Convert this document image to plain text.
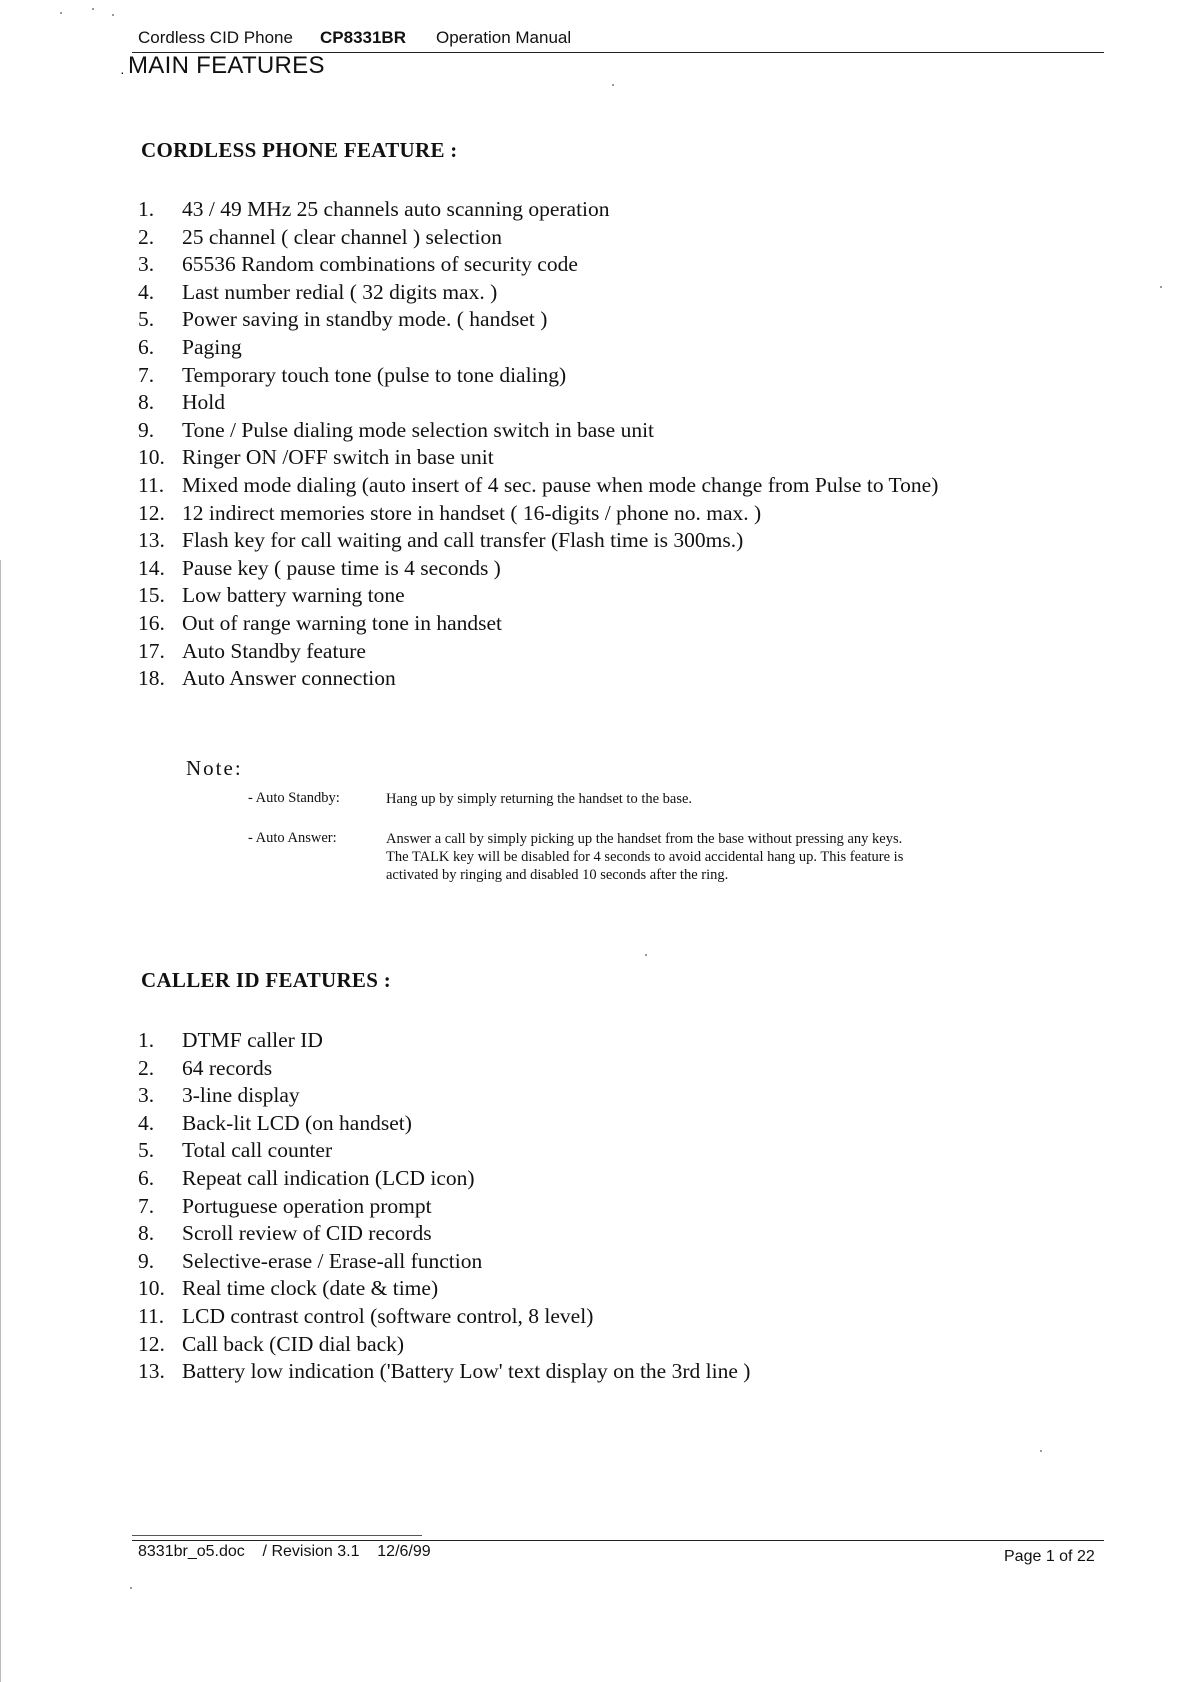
Cordless CID Phone CP8331BR Operation Manual
· MAIN FEATURES
CORDLESS PHONE FEATURE :
1.	43 / 49 MHz 25 channels auto scanning operation
2.	25 channel ( clear channel ) selection
3.	65536 Random combinations of security code
4.	Last number redial ( 32 digits max. )
5.	Power saving in standby mode. ( handset )
6.	Paging
7.	Temporary touch tone (pulse to tone dialing)
8.	Hold
9.	Tone / Pulse dialing mode selection switch in base unit
10. Ringer ON /OFF switch in base unit
11. Mixed mode dialing (auto insert of 4 sec. pause when mode change from Pulse to Tone)
12. 12 indirect memories store in handset ( 16-digits / phone no. max. )
13. Flash key for call waiting and call transfer (Flash time is 300ms.)
14. Pause key ( pause time is 4 seconds )
15. Low battery warning tone
16. Out of range warning tone in handset
17. Auto Standby feature
18. Auto Answer connection
Note:
- Auto Standby:	Hang up by simply returning the handset to the base.
- Auto Answer:	Answer a call by simply picking up the handset from the base without pressing any keys.
The TALK key will be disabled for 4 seconds to avoid accidental hang up. This feature is
activated by ringing and disabled 10 seconds after the ring.
CALLER ID FEATURES :
1.	DTMF caller ID
2.	64 records
3.	3-line display
4.	Back-lit LCD (on handset)
5.	Total call counter
6.	Repeat call indication (LCD icon)
7.	Portuguese operation prompt
8.	Scroll review of CID records
9.	Selective-erase / Erase-all function
10. Real time clock (date & time)
11. LCD contrast control (software control, 8 level)
12. Call back (CID dial back)
13. Battery low indication ('Battery Low' text display on the 3rd line )
8331br_o5.doc / Revision 3.1 12/6/99	Page 1 of 22
